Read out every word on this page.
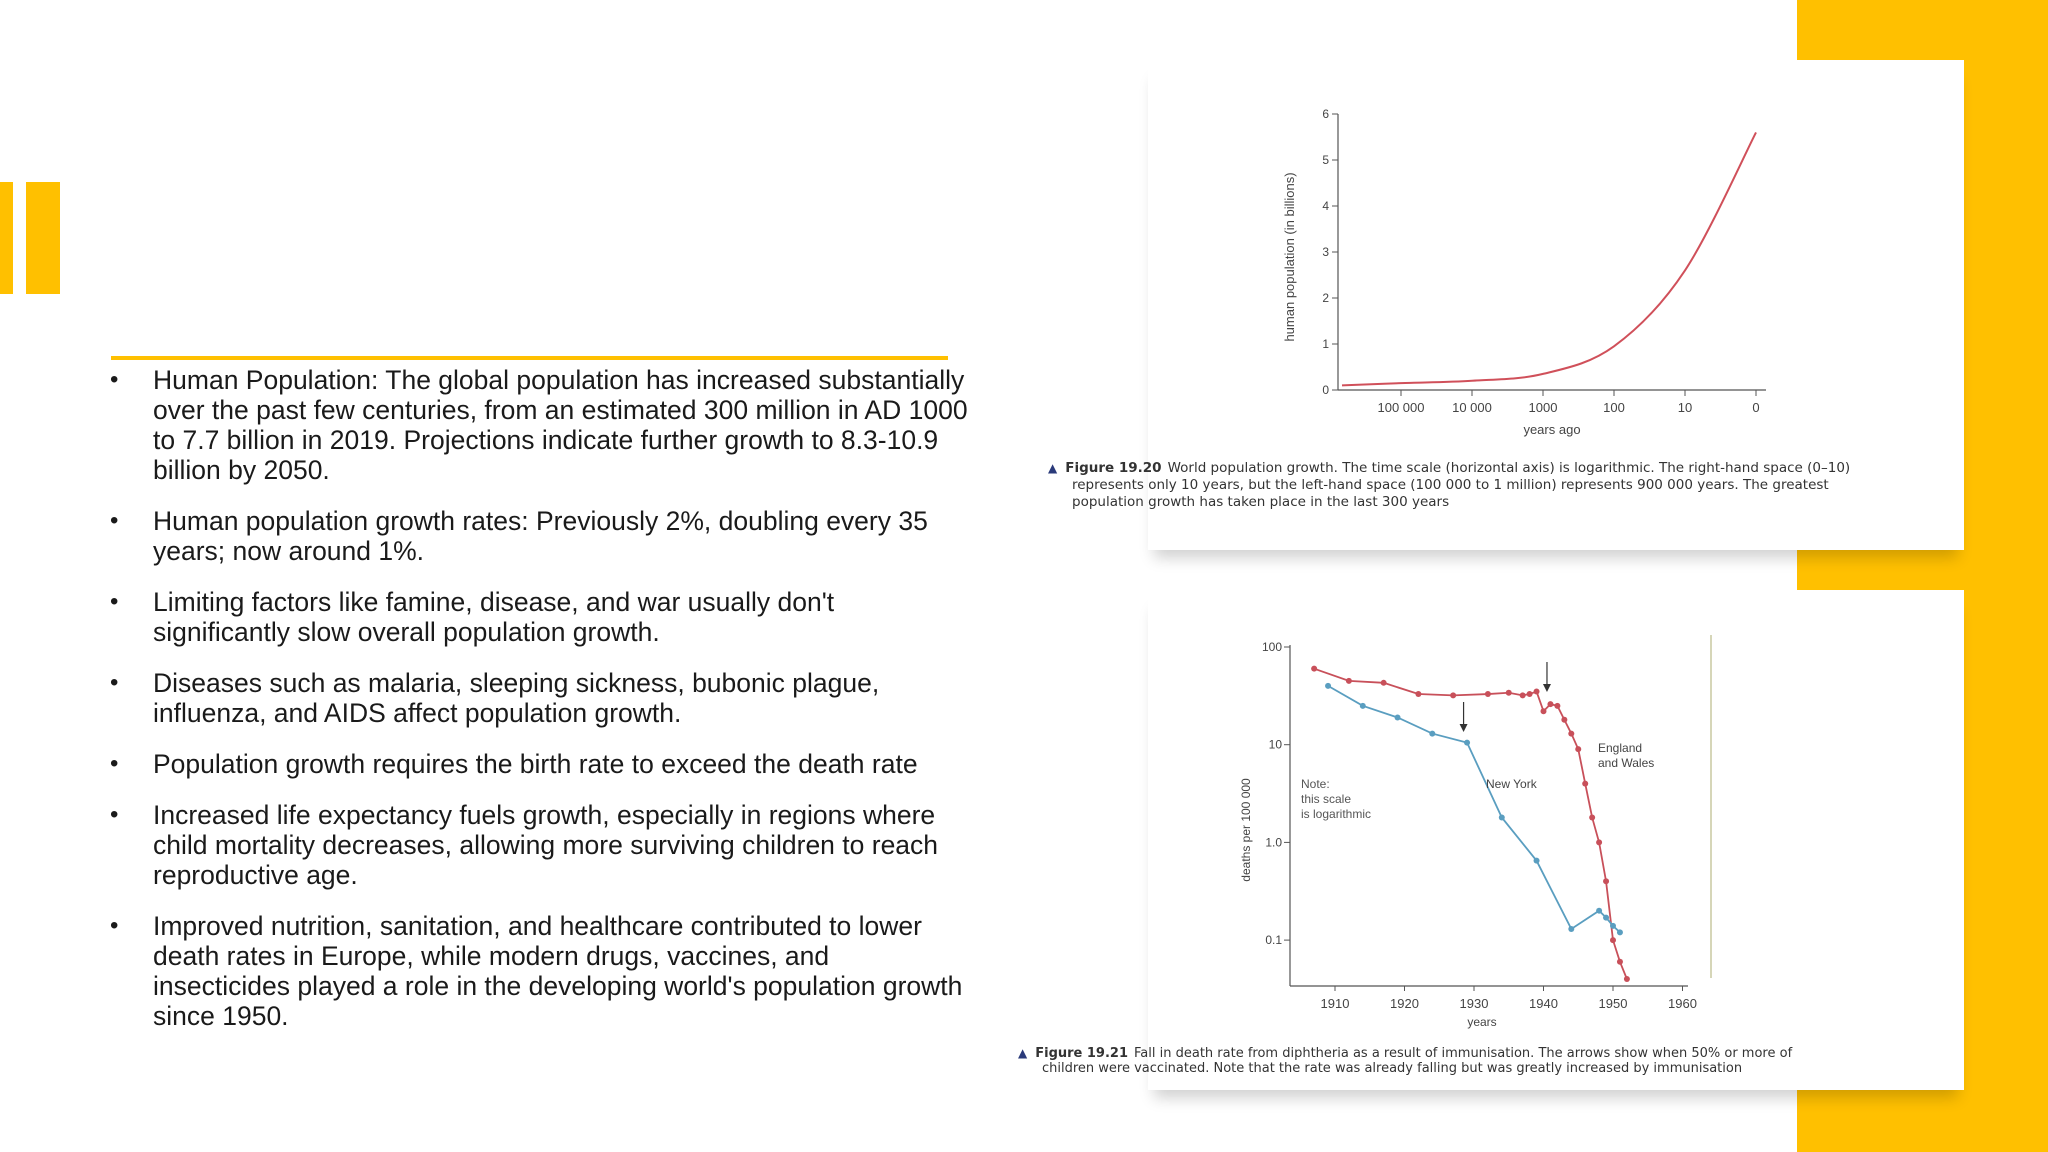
• Human Population: The global population has increased substantially over the past few centuries, from an estimated 300 million in AD 1000 to 7.7 billion in 2019. Projections indicate further growth to 8.3-10.9 billion by 2050.
• Human population growth rates: Previously 2%, doubling every 35 years; now around 1%.
• Limiting factors like famine, disease, and war usually don't significantly slow overall population growth.
• Diseases such as malaria, sleeping sickness, bubonic plague, influenza, and AIDS affect population growth.
• Population growth requires the birth rate to exceed the death rate
• Increased life expectancy fuels growth, especially in regions where child mortality decreases, allowing more surviving children to reach reproductive age.
• Improved nutrition, sanitation, and healthcare contributed to lower death rates in Europe, while modern drugs, vaccines, and insecticides played a role in the developing world's population growth since 1950.
0
1
2
3
4
5
6
100 000 10 000	1000	100	10	0
years ago
human population (in billions)
▲ Figure 19.20 World population growth. The time scale (horizontal axis) is logarithmic. The right-hand space (0–10)
represents only 10 years, but the left-hand space (100 000 to 1 million) represents 900 000 years. The greatest
population growth has taken place in the last 300 years
100
10
1.0
0.1
1910	1920	1930	1940	1950	1960
years
deaths per 100 000	Note:
this scale
is logarithmic
New York
England
and Wales
▲ Figure 19.21 Fall in death rate from diphtheria as a result of immunisation. The arrows show when 50% or more of
children were vaccinated. Note that the rate was already falling but was greatly increased by immunisation
